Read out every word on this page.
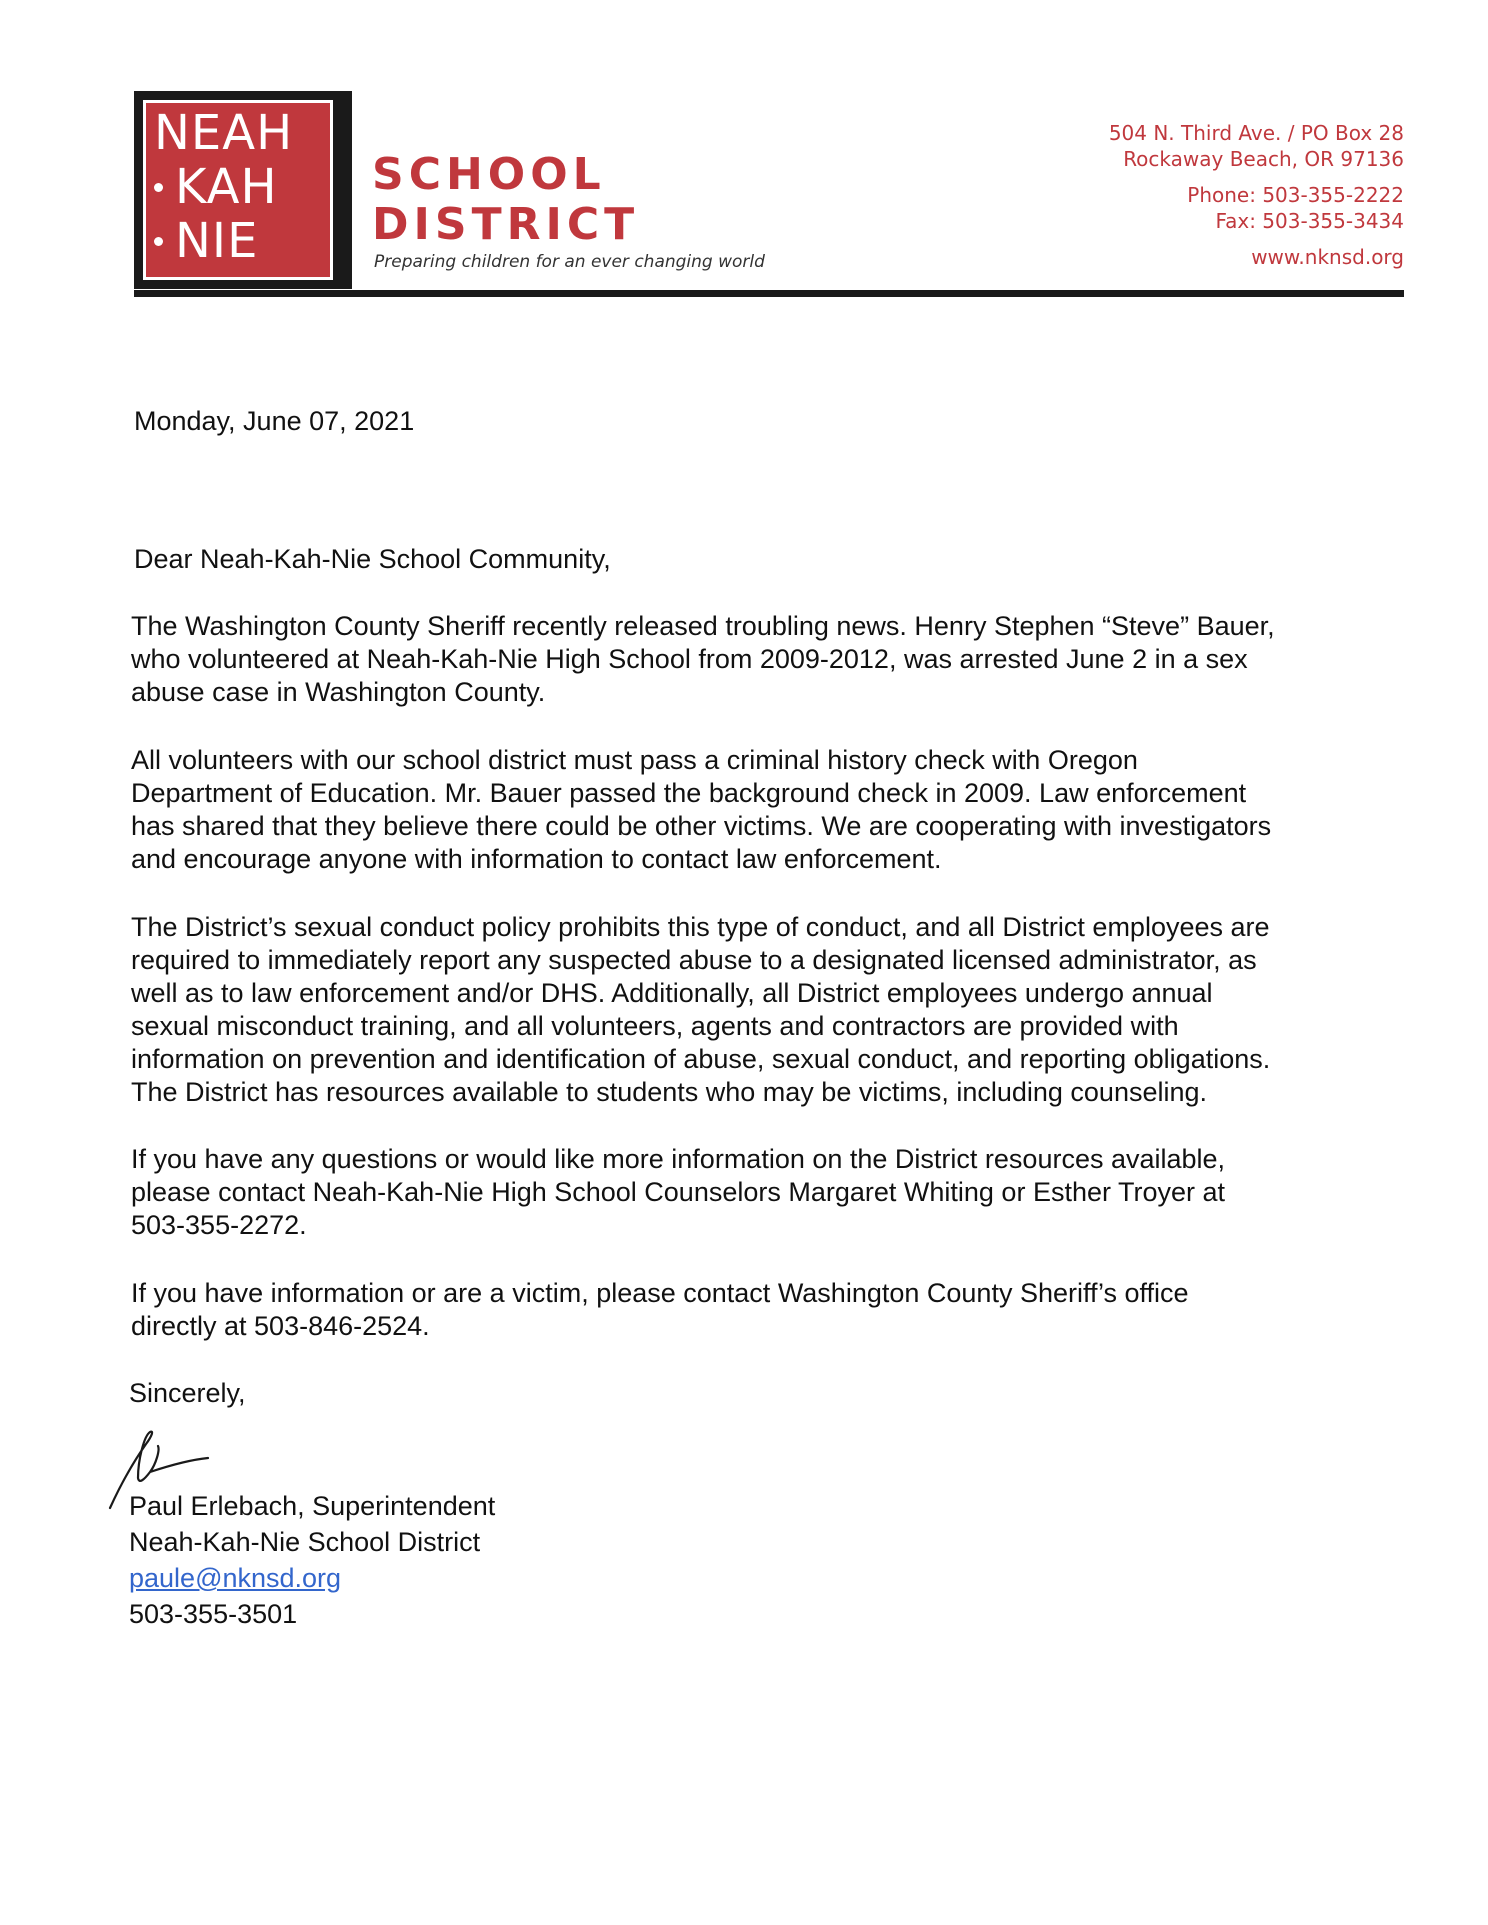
NEAH
KAH
NIE
SCHOOL
DISTRICT
Preparing children for an ever changing world
504 N. Third Ave. / PO Box 28
Rockaway Beach, OR 97136
Phone: 503-355-2222
Fax: 503-355-3434
www.nknsd.org
Monday, June 07, 2021
Dear Neah-Kah-Nie School Community,
The Washington County Sheriff recently released troubling news. Henry Stephen “Steve” Bauer,
who volunteered at Neah-Kah-Nie High School from 2009-2012, was arrested June 2 in a sex
abuse case in Washington County.
All volunteers with our school district must pass a criminal history check with Oregon
Department of Education. Mr. Bauer passed the background check in 2009. Law enforcement
has shared that they believe there could be other victims. We are cooperating with investigators
and encourage anyone with information to contact law enforcement.
The District’s sexual conduct policy prohibits this type of conduct, and all District employees are
required to immediately report any suspected abuse to a designated licensed administrator, as
well as to law enforcement and/or DHS. Additionally, all District employees undergo annual
sexual misconduct training, and all volunteers, agents and contractors are provided with
information on prevention and identification of abuse, sexual conduct, and reporting obligations.
The District has resources available to students who may be victims, including counseling.
If you have any questions or would like more information on the District resources available,
please contact Neah-Kah-Nie High School Counselors Margaret Whiting or Esther Troyer at
503-355-2272.
If you have information or are a victim, please contact Washington County Sheriff’s office
directly at 503-846-2524.
Sincerely,
Paul Erlebach, Superintendent
Neah-Kah-Nie School District
paule@nknsd.org
503-355-3501
